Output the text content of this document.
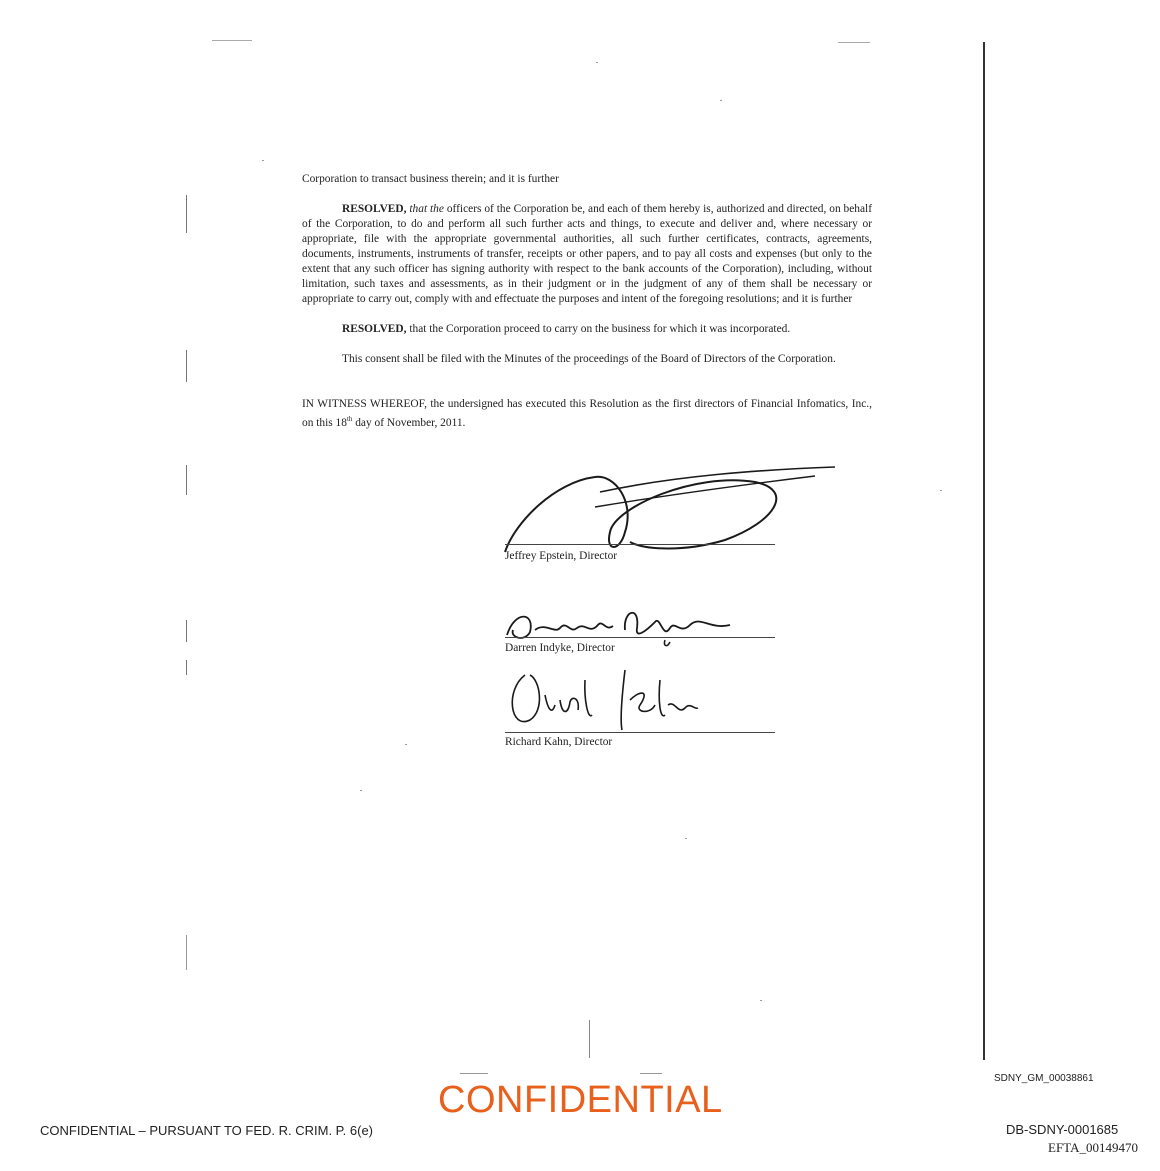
Corporation to transact business therein; and it is further

RESOLVED, that the officers of the Corporation be, and each of them hereby is, authorized and directed, on behalf of the Corporation, to do and perform all such further acts and things, to execute and deliver and, where necessary or appropriate, file with the appropriate governmental authorities, all such further certificates, contracts, agreements, documents, instruments, instruments of transfer, receipts or other papers, and to pay all costs and expenses (but only to the extent that any such officer has signing authority with respect to the bank accounts of the Corporation), including, without limitation, such taxes and assessments, as in their judgment or in the judgment of any of them shall be necessary or appropriate to carry out, comply with and effectuate the purposes and intent of the foregoing resolutions; and it is further

RESOLVED, that the Corporation proceed to carry on the business for which it was incorporated.

This consent shall be filed with the Minutes of the proceedings of the Board of Directors of the Corporation.

IN WITNESS WHEREOF, the undersigned has executed this Resolution as the first directors of Financial Infomatics, Inc., on this 18th day of November, 2011.

Jeffrey Epstein, Director
Darren Indyke, Director
Richard Kahn, Director
SDNY_GM_00038861
CONFIDENTIAL
CONFIDENTIAL – PURSUANT TO FED. R. CRIM. P. 6(e)	DB-SDNY-0001685
EFTA_00149470
